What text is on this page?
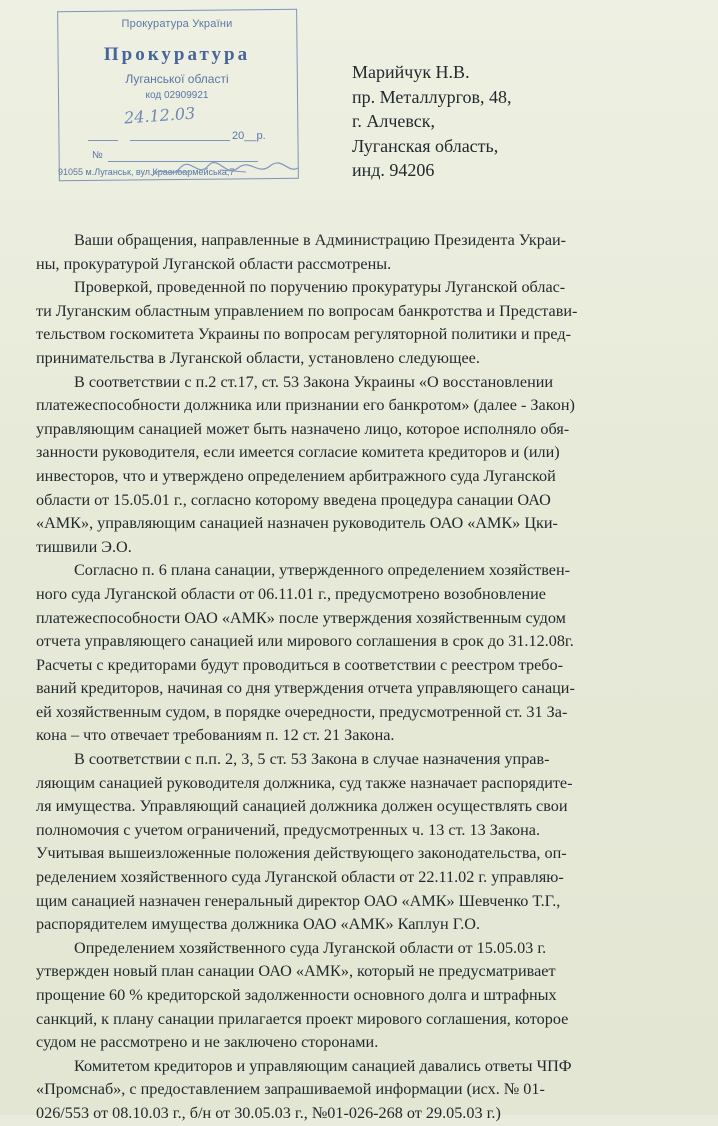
Прокуратура України
Прокуратура
Луганської області
код 02909921
24.12.03
20__р.
№
91055 м.Луганськ, вул.Красноармейська,7
Марийчук Н.В.
пр. Металлургов, 48,
г. Алчевск,
Луганская область,
инд. 94206
Ваши обращения, направленные в Администрацию Президента Украи-
ны, прокуратурой Луганской области рассмотрены.
Проверкой, проведенной по поручению прокуратуры Луганской облас-
ти Луганским областным управлением по вопросам банкротства и Представи-
тельством госкомитета Украины по вопросам регуляторной политики и пред-
принимательства в Луганской области, установлено следующее.
В соответствии с п.2 ст.17, ст. 53 Закона Украины «О восстановлении
платежеспособности должника или признании его банкротом» (далее - Закон)
управляющим санацией может быть назначено лицо, которое исполняло обя-
занности руководителя, если имеется согласие комитета кредиторов и (или)
инвесторов, что и утверждено определением арбитражного суда Луганской
области от 15.05.01 г., согласно которому введена процедура санации ОАО
«АМК», управляющим санацией назначен руководитель ОАО «АМК» Цки-
тишвили Э.О.
Согласно п. 6 плана санации, утвержденного определением хозяйствен-
ного суда Луганской области от 06.11.01 г., предусмотрено возобновление
платежеспособности ОАО «АМК» после утверждения хозяйственным судом
отчета управляющего санацией или мирового соглашения в срок до 31.12.08г.
Расчеты с кредиторами будут проводиться в соответствии с реестром требо-
ваний кредиторов, начиная со дня утверждения отчета управляющего санаци-
ей хозяйственным судом, в порядке очередности, предусмотренной ст. 31 За-
кона – что отвечает требованиям п. 12 ст. 21 Закона.
В соответствии с п.п. 2, 3, 5 ст. 53 Закона в случае назначения управ-
ляющим санацией руководителя должника, суд также назначает распорядите-
ля имущества. Управляющий санацией должника должен осуществлять свои
полномочия с учетом ограничений, предусмотренных ч. 13 ст. 13 Закона.
Учитывая вышеизложенные положения действующего законодательства, оп-
ределением хозяйственного суда Луганской области от 22.11.02 г. управляю-
щим санацией назначен генеральный директор ОАО «АМК» Шевченко Т.Г.,
распорядителем имущества должника ОАО «АМК» Каплун Г.О.
Определением хозяйственного суда Луганской области от 15.05.03 г.
утвержден новый план санации ОАО «АМК», который не предусматривает
прощение 60 % кредиторской задолженности основного долга и штрафных
санкций, к плану санации прилагается проект мирового соглашения, которое
судом не рассмотрено и не заключено сторонами.
Комитетом кредиторов и управляющим санацией давались ответы ЧПФ
«Промснаб», с предоставлением запрашиваемой информации (исх. № 01-
026/553 от 08.10.03 г., б/н от 30.05.03 г., №01-026-268 от 29.05.03 г.)
